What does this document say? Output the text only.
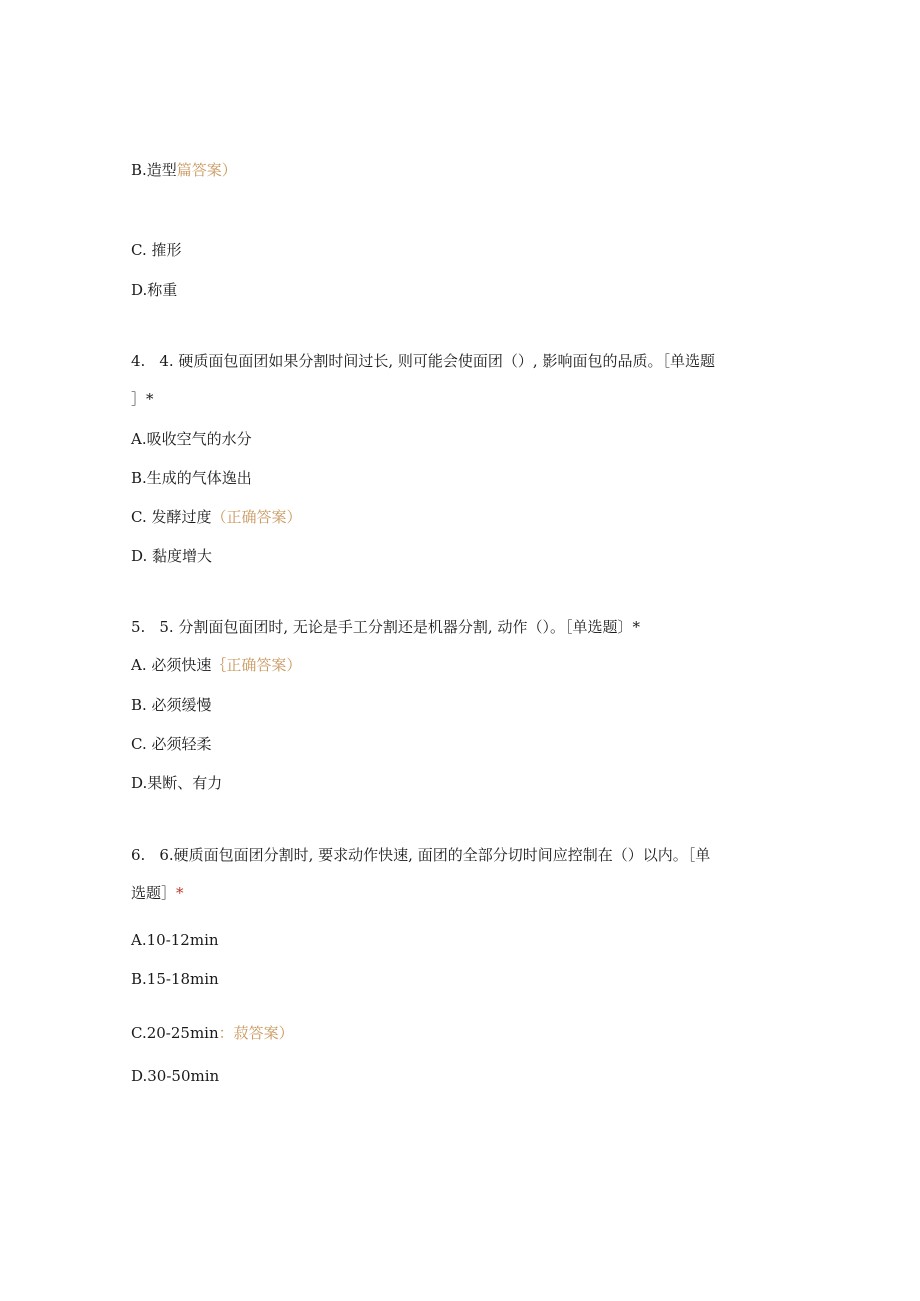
B.造型篇答案）
C. 搉形
D.称重
4. 4. 硬质面包面团如果分割时间过长, 则可能会使面团（）, 影响面包的品质。［单选题
］*
A.吸收空气的水分
B.生成的气体逸出
C. 发酵过度（正确答案）
D. 黏度增大
5. 5. 分割面包面团时, 无论是手工分割还是机器分割, 动作（）。［单选题〕*
A. 必须快速｛正确答案）
B. 必须缓慢
C. 必须轻柔
D.果断、有力
6. 6.硬质面包面团分割时, 要求动作快速, 面团的全部分切时间应控制在（）以内。［单
选题］*
A.10-12min
B.15-18min
C.20-25min：菽答案）
D.30-50min
